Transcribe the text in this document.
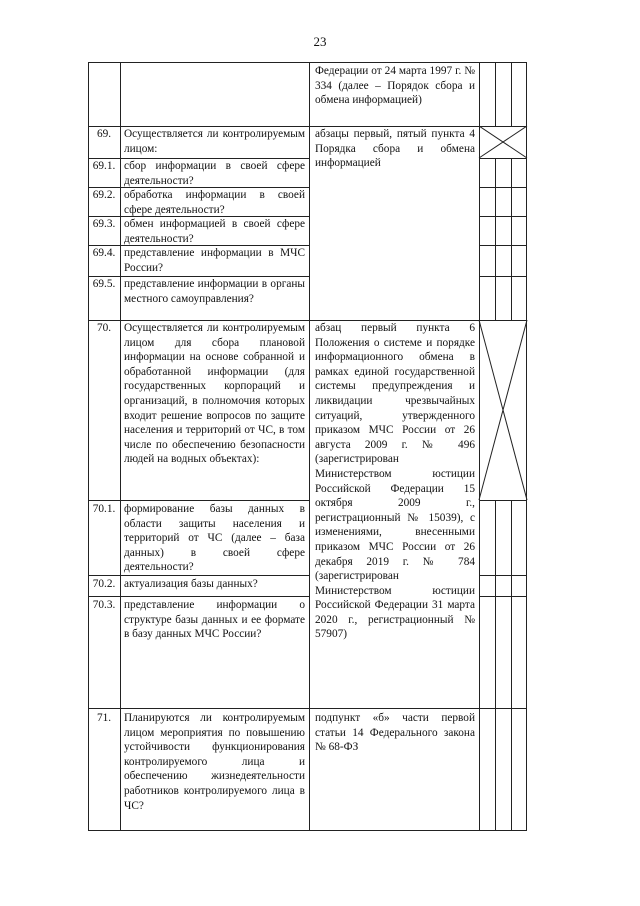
23
Федерации от 24 марта 1997 г. № 334 (далее – Порядок сбора и обмена информацией)
69.	Осуществляется ли контролируемым лицом:
абзацы первый, пятый пункта 4 Порядка сбора и обмена информацией
69.1. сбор информации в своей сфере деятельности?
69.2. обработка информации в своей сфере деятельности?
69.3. обмен информацией в своей сфере деятельности?
69.4. представление информации в МЧС России?
69.5. представление информации в органы местного самоуправления?
70.	Осуществляется ли контролируемым лицом для сбора плановой информации на основе собранной и обработанной информации (для государственных корпораций и организаций, в полномочия которых входит решение вопросов по защите населения и территорий от ЧС, в том числе по обеспечению безопасности людей на водных объектах):
абзац первый пункта 6 Положения о системе и порядке информационного обмена в рамках единой государственной системы предупреждения и ликвидации чрезвычайных ситуаций, утвержденного приказом МЧС России от 26 августа 2009 г. № 496 (зарегистрирован Министерством юстиции Российской Федерации 15 октября 2009 г., регистрационный № 15039), с изменениями, внесенными приказом МЧС России от 26 декабря 2019 г. № 784 (зарегистрирован Министерством юстиции Российской Федерации 31 марта 2020 г., регистрационный № 57907)
70.1. формирование базы данных в области защиты населения и территорий от ЧС (далее – база данных) в своей сфере деятельности?
70.2. актуализация базы данных?
70.3. представление информации о структуре базы данных и ее формате в базу данных МЧС России?
71.	Планируются ли контролируемым лицом мероприятия по повышению устойчивости функционирования контролируемого лица и обеспечению жизнедеятельности работников контролируемого лица в ЧС?
подпункт «б» части первой статьи 14 Федерального закона № 68-ФЗ
